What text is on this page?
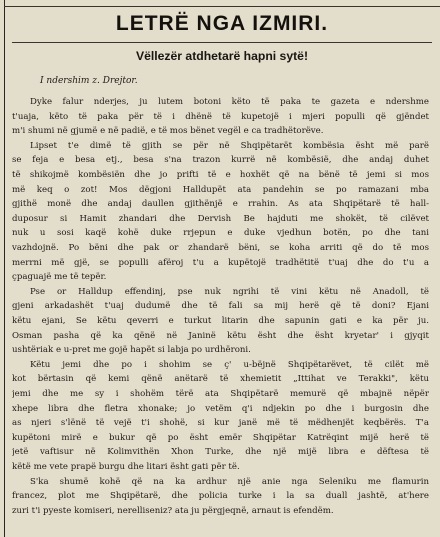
LETRË NGA IZMIRI.
Vëllezër atdhetarë hapni sytë!
I ndershim z. Drejtor.
Dyke falur nderjes, ju lutem botoni këto të paka te gazeta e ndershme
t'uaja, këto të paka për të i dhënë të kupetojë i mjeri populli që gjëndet
m'i shumi në gjumë e në padië, e të mos bënet vegël e ca tradhëtorëve.
Lipset t'e dimë të gjith se për në Shqipëtarët kombësia ësht më parë
se feja e besa etj., besa s'na trazon kurrë në kombësië, dhe andaj duhet
të shikojmë kombësiën dhe jo prifti të e hoxhët që na bënë të jemi si mos
më keq o zot! Mos dëgjoni Halldupët ata pandehin se po ramazani mba
gjithë monë dhe andaj daullen gjithënjë e rrahin. As ata Shqipëtarë të hall-
duposur si Hamit zhandari dhe Dervish Be hajduti me shokët, të cilëvet
nuk u sosi kaqë kohë duke rrjepun e duke vjedhun botën, po dhe tani
vazhdojnë. Po bëni dhe pak or zhandarë bëni, se koha arriti që do të mos
merrni më gjë, se populli afëroj t'u a kupëtojë tradhëtitë t'uaj dhe do t'u a
çpaguajë me të tepër.
Pse or Halldup effendinj, pse nuk ngrihi të vini këtu në Anadoll, të
gjeni arkadashët t'uaj dudumë dhe të fali sa mij herë që të doni? Ejani
këtu ejani, Se këtu qeverri e turkut litarin dhe sapunin gati e ka për ju.
Osman pasha që ka qënë në Janinë këtu ësht dhe ësht kryetar' i gjyqit
ushtëriak e u-pret me gojë hapët si labja po urdhëroni.
Këtu jemi dhe po i shohim se ç' u-bëjnë Shqipëtarëvet, të cilët më
kot bërtasin që kemi qënë anëtarë të xhemietit „Ittihat ve Terakki", këtu
jemi dhe me sy i shohëm tërë ata Shqipëtarë memurë që mbajnë nëpër
xhepe libra dhe fletra xhonake; jo vetëm q'i ndjekin po dhe i burgosin dhe
as njeri s'lënë të vejë t'i shohë, si kur janë më të mëdhenjët keqbërës. T'a
kupëtoni mirë e bukur që po ësht emër Shqipëtar Katrëqint mijë herë të
jetë vaftisur në Kolimvithën Xhon Turke, dhe një mijë libra e dëftesa të
këtë me vete prapë burgu dhe litari ësht gati për të.
S'ka shumë kohë që na ka ardhur një anie nga Seleniku me flamurin
francez, plot me Shqipëtarë, dhe policia turke i la sa duall jashtë, at'here
zuri t'i pyeste komiseri, nerelliseniz? ata ju përgjeqnë, arnaut is efendëm.
